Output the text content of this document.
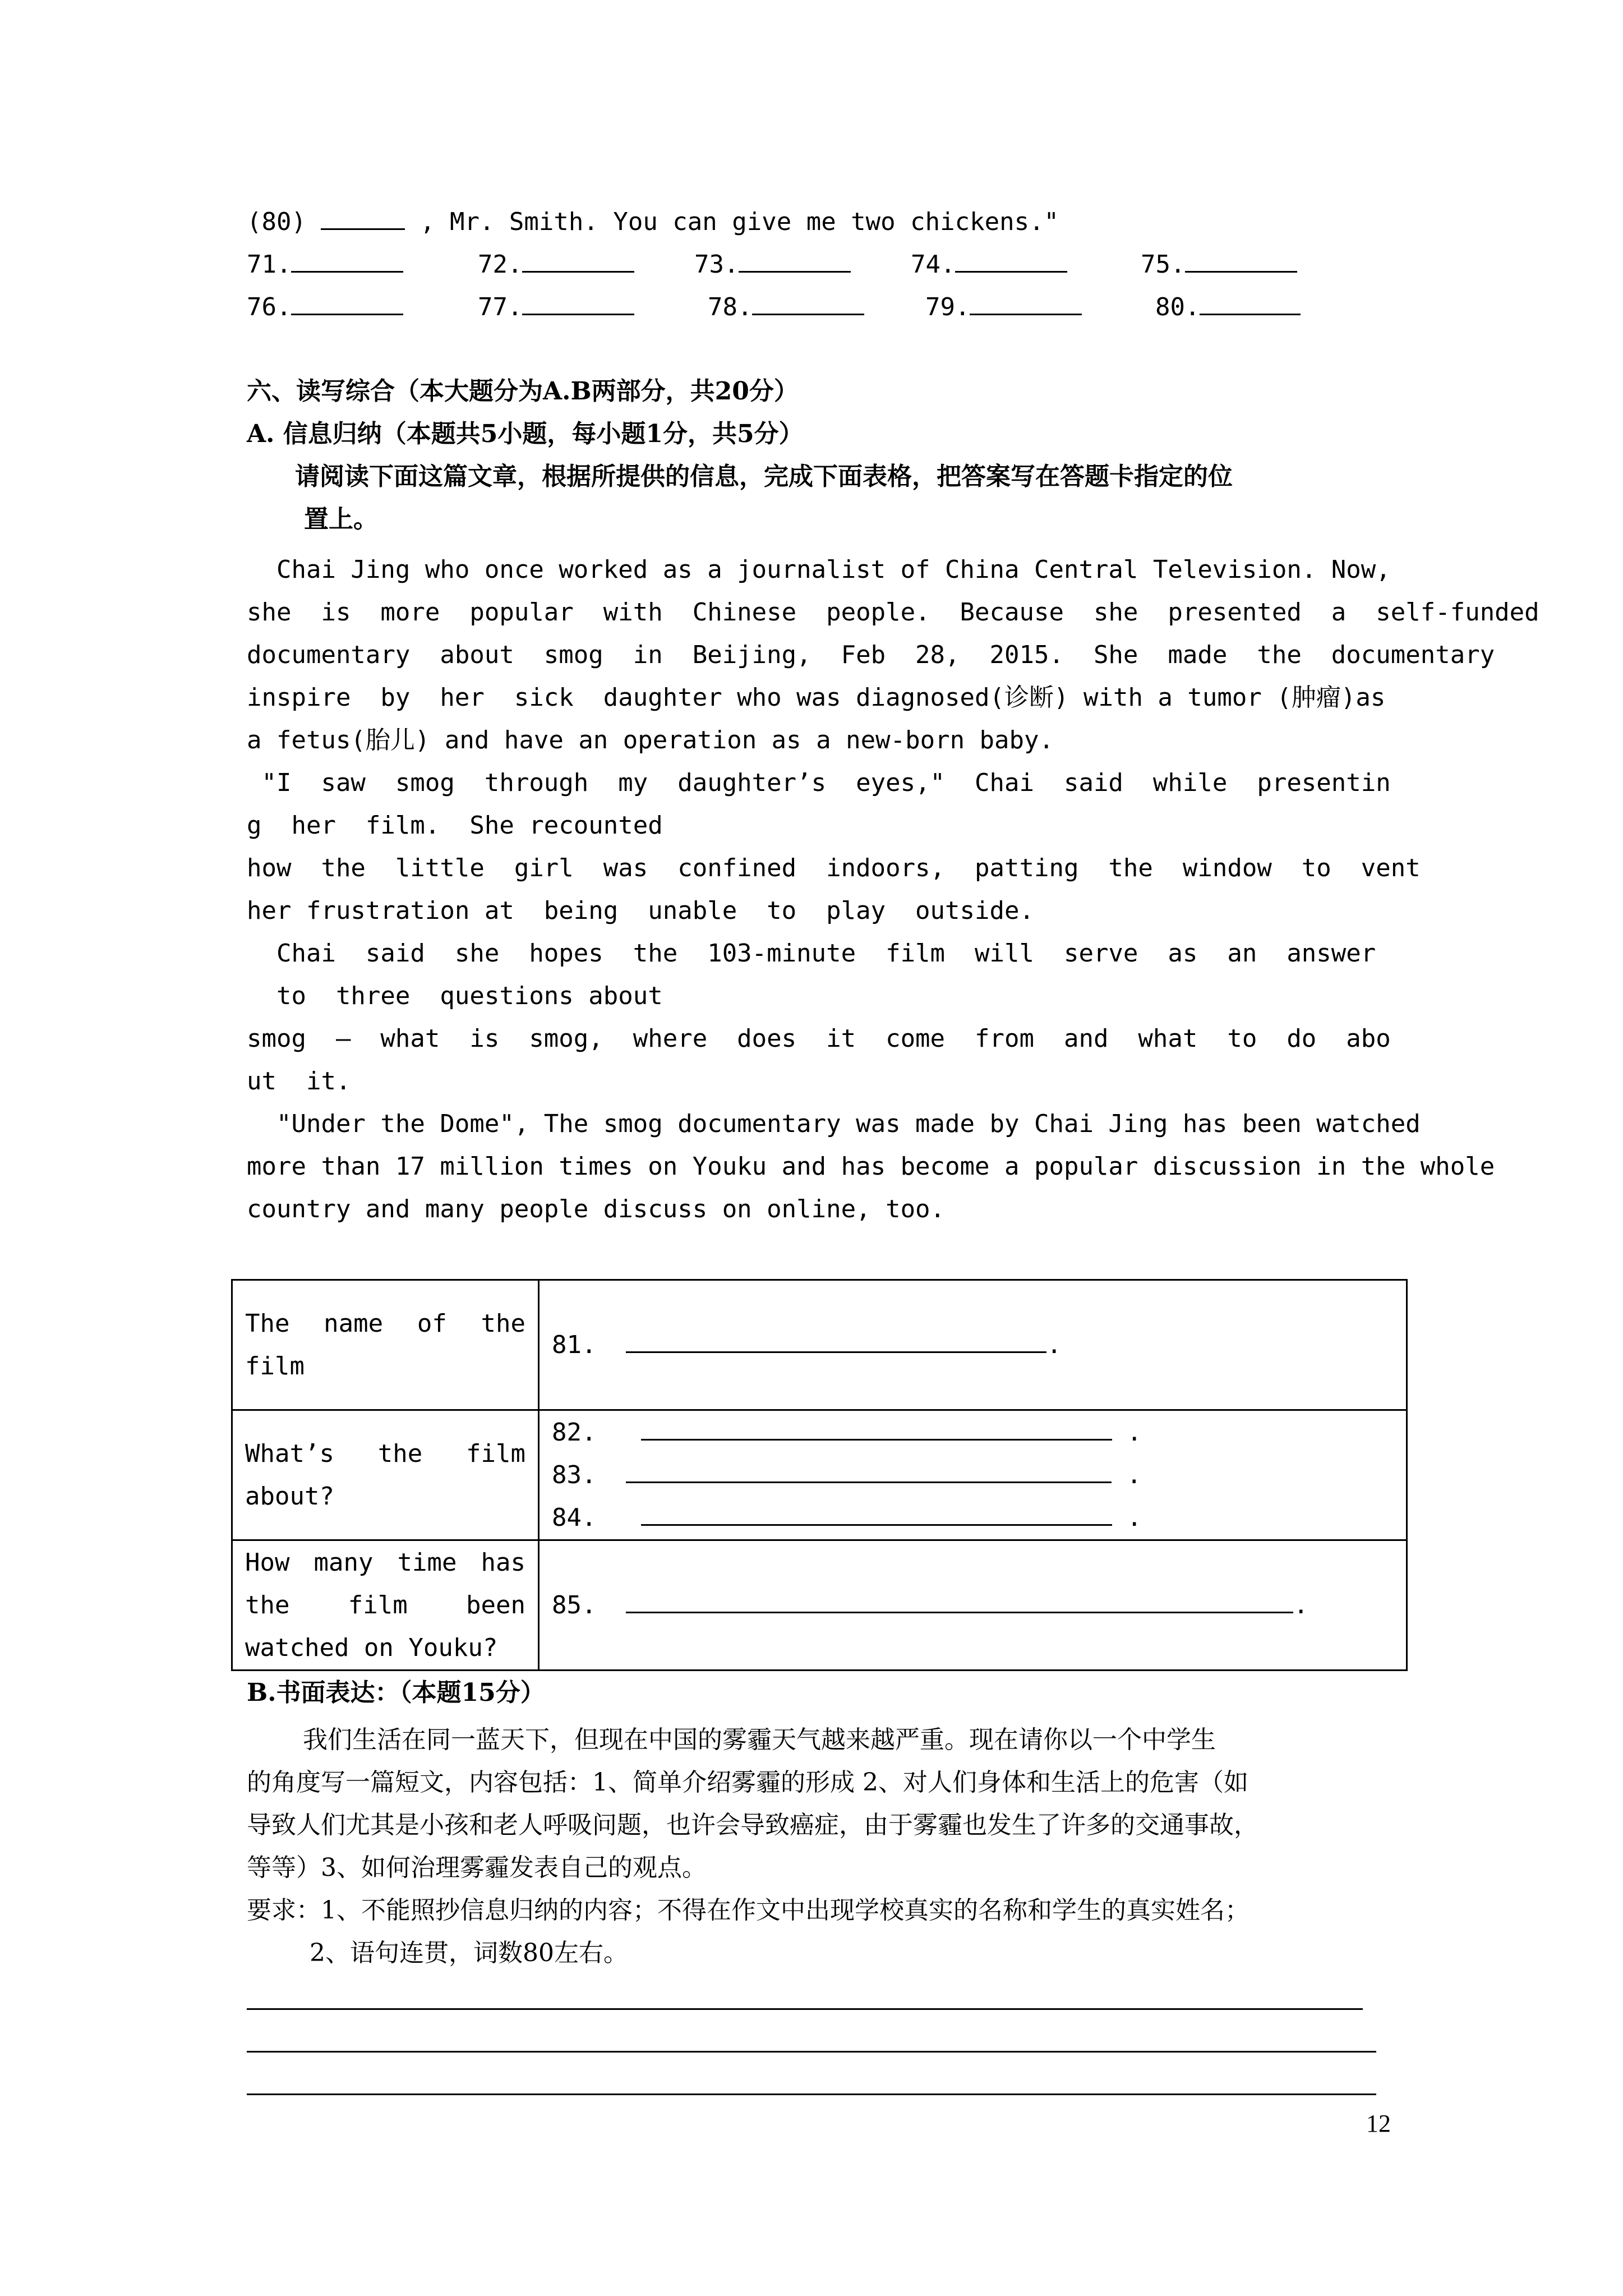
(80)	, Mr. Smith. You can give me two chickens."
71.	72.	73.	74.	75.
76.	77.	78.	79.	80.
六、读写综合（本大题分为A.B两部分，共20分）
A. 信息归纳（本题共5小题，每小题1分，共5分）
请阅读下面这篇文章，根据所提供的信息，完成下面表格，把答案写在答题卡指定的位
置上。
Chai Jing who once worked as a journalist of China Central Television. Now,
she  is  more  popular  with  Chinese  people.  Because  she  presented  a  self-funded
documentary  about  smog  in  Beijing,  Feb  28,  2015.  She  made  the  documentary
inspire  by  her  sick  daughter who was diagnosed(诊断) with a tumor (肿瘤)as
a fetus(胎儿) and have an operation as a new-born baby.
"I  saw  smog  through  my  daughter’s  eyes,"  Chai  said  while  presentin
g  her  film.  She recounted
how  the  little  girl  was  confined  indoors,  patting  the  window  to  vent
her frustration at  being  unable  to  play  outside.
Chai  said  she  hopes  the  103-minute  film  will  serve  as  an  answer
to  three  questions about
smog  –  what  is  smog,  where  does  it  come  from  and  what  to  do  abo
ut  it.
"Under the Dome", The smog documentary was made by Chai Jing has been watched
more than 17 million times on Youku and has become a popular discussion in the whole
country and many people discuss on online, too.
The name of the film	81. .

What’s the film about?	82. .
83. .
84. .

How many time has the film been watched on Youku?	85. .
B.书面表达：（本题15分）
我们生活在同一蓝天下，但现在中国的雾霾天气越来越严重。现在请你以一个中学生
的角度写一篇短文，内容包括：1、简单介绍雾霾的形成 2、对人们身体和生活上的危害（如
导致人们尤其是小孩和老人呼吸问题，也许会导致癌症，由于雾霾也发生了许多的交通事故，
等等）3、如何治理雾霾发表自己的观点。
要求：1、不能照抄信息归纳的内容；不得在作文中出现学校真实的名称和学生的真实姓名；
2、语句连贯，词数80左右。
12
